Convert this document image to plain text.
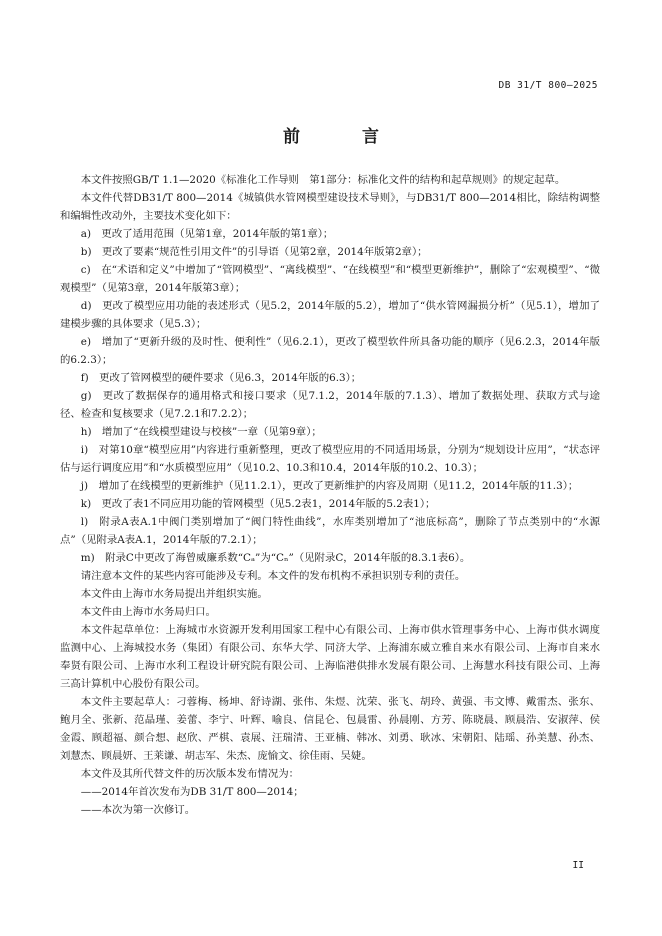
DB 31/T 800—2025
前 言

本文件按照GB/T 1.1—2020《标准化工作导则　第1部分：标准化文件的结构和起草规则》的规定起草。

本文件代替DB31/T 800—2014《城镇供水管网模型建设技术导则》，与DB31/T 800—2014相比，除结构调整和编辑性改动外，主要技术变化如下：

a)　更改了适用范围（见第1章，2014年版的第1章）；

b)　更改了要素“规范性引用文件”的引导语（见第2章，2014年版第2章）；

c)　在“术语和定义”中增加了“管网模型”、“离线模型”、“在线模型”和“模型更新维护”，删除了“宏观模型”、“微观模型”（见第3章，2014年版第3章）；

d)　更改了模型应用功能的表述形式（见5.2，2014年版的5.2），增加了“供水管网漏损分析”（见5.1），增加了建模步骤的具体要求（见5.3）；

e)　增加了“更新升级的及时性、便利性”（见6.2.1），更改了模型软件所具备功能的顺序（见6.2.3，2014年版的6.2.3）；

f)　更改了管网模型的硬件要求（见6.3，2014年版的6.3）；

g)　更改了数据保存的通用格式和接口要求（见7.1.2，2014年版的7.1.3）、增加了数据处理、获取方式与途径、检查和复核要求（见7.2.1和7.2.2）；

h)　增加了“在线模型建设与校核”一章（见第9章）；

i)　对第10章“模型应用”内容进行重新整理，更改了模型应用的不同适用场景，分别为“规划设计应用”，“状态评估与运行调度应用”和“水质模型应用”（见10.2、10.3和10.4，2014年版的10.2、10.3）；

j)　增加了在线模型的更新维护（见11.2.1），更改了更新维护的内容及周期（见11.2，2014年版的11.3）；

k)　更改了表1不同应用功能的管网模型（见5.2表1，2014年版的5.2表1）；

l)　附录A表A.1中阀门类别增加了“阀门特性曲线”，水库类别增加了“池底标高”，删除了节点类别中的“水源点”（见附录A表A.1，2014年版的7.2.1）；

m)　附录C中更改了海曾威廉系数“Cₐ”为“Cₙ”（见附录C，2014年版的8.3.1表6）。

请注意本文件的某些内容可能涉及专利。本文件的发布机构不承担识别专利的责任。

本文件由上海市水务局提出并组织实施。

本文件由上海市水务局归口。

本文件起草单位：上海城市水资源开发利用国家工程中心有限公司、上海市供水管理事务中心、上海市供水调度监测中心、上海城投水务（集团）有限公司、东华大学、同济大学、上海浦东威立雅自来水有限公司、上海市自来水奉贤有限公司、上海市水利工程设计研究院有限公司、上海临港供排水发展有限公司、上海慧水科技有限公司、上海三高计算机中心股份有限公司。

本文件主要起草人：刁蓉梅、杨坤、舒诗湖、张伟、朱煜、沈荣、张飞、胡玲、黄强、韦文博、戴雷杰、张东、鲍月全、张新、范晶瑾、姜蕾、李宁、叶辉、喻良、信昆仑、包晨雷、孙晨刚、方芳、陈晓晨、顾晨浩、安淑萍、侯金霞、顾超福、颜合想、赵欣、严棋、袁展、汪瑞清、王亚楠、韩冰、刘勇、耿冰、宋朝阳、陆瑶、孙美慧、孙杰、刘慧杰、顾晨妍、王莱谦、胡志军、朱杰、庞愉文、徐佳雨、吴婕。

本文件及其所代替文件的历次版本发布情况为：

——2014年首次发布为DB 31/T 800—2014；

——本次为第一次修订。

II
